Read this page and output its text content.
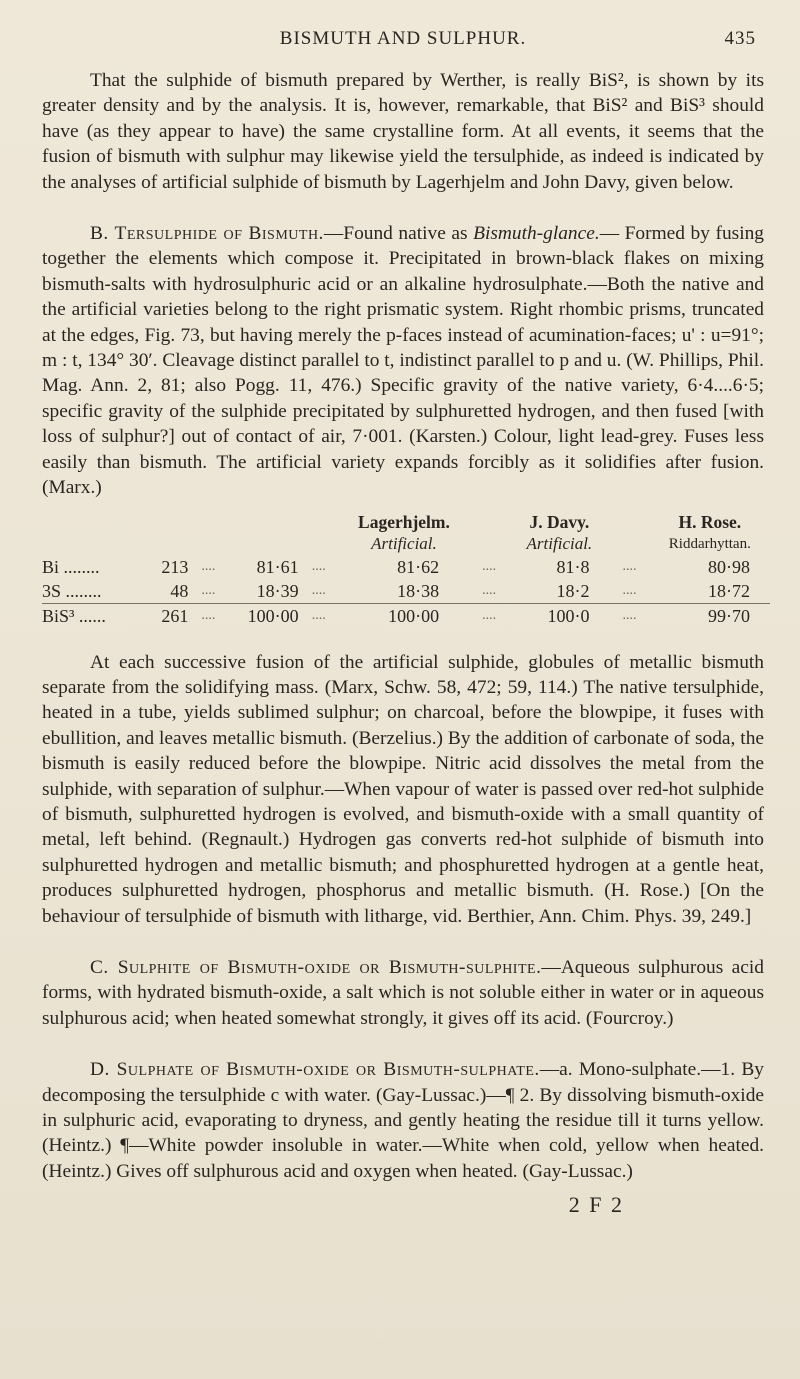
BISMUTH AND SULPHUR.	435

That the sulphide of bismuth prepared by Werther, is really BiS², is shown by its greater density and by the analysis. It is, however, remarkable, that BiS² and BiS³ should have (as they appear to have) the same crystalline form. At all events, it seems that the fusion of bismuth with sulphur may likewise yield the tersulphide, as indeed is indicated by the analyses of artificial sulphide of bismuth by Lagerhjelm and John Davy, given below.

B. Tersulphide of Bismuth.—Found native as Bismuth-glance.— Formed by fusing together the elements which compose it. Precipitated in brown-black flakes on mixing bismuth-salts with hydrosulphuric acid or an alkaline hydrosulphate.—Both the native and the artificial varieties belong to the right prismatic system. Right rhombic prisms, truncated at the edges, Fig. 73, but having merely the p-faces instead of acumination-faces; u' : u=91°; m : t, 134° 30′. Cleavage distinct parallel to t, indistinct parallel to p and u. (W. Phillips, Phil. Mag. Ann. 2, 81; also Pogg. 11, 476.) Specific gravity of the native variety, 6·4....6·5; specific gravity of the sulphide precipitated by sulphuretted hydrogen, and then fused [with loss of sulphur?] out of contact of air, 7·001. (Karsten.) Colour, light lead-grey. Fuses less easily than bismuth. The artificial variety expands forcibly as it solidifies after fusion. (Marx.)

					Lagerhjelm.		J. Davy.		H. Rose.
					Artificial.		Artificial.		Riddarhyttan.
Bi ........	213	....	81·61	....	81·62	....	81·8	....	80·98
3S ........	48	....	18·39	....	18·38	....	18·2	....	18·72
BiS³ ......	261	....	100·00	....	100·00	....	100·0	....	99·70

At each successive fusion of the artificial sulphide, globules of metallic bismuth separate from the solidifying mass. (Marx, Schw. 58, 472; 59, 114.) The native tersulphide, heated in a tube, yields sublimed sulphur; on charcoal, before the blowpipe, it fuses with ebullition, and leaves metallic bismuth. (Berzelius.) By the addition of carbonate of soda, the bismuth is easily reduced before the blowpipe. Nitric acid dissolves the metal from the sulphide, with separation of sulphur.—When vapour of water is passed over red-hot sulphide of bismuth, sulphuretted hydrogen is evolved, and bismuth-oxide with a small quantity of metal, left behind. (Regnault.) Hydrogen gas converts red-hot sulphide of bismuth into sulphuretted hydrogen and metallic bismuth; and phosphuretted hydrogen at a gentle heat, produces sulphuretted hydrogen, phosphorus and metallic bismuth. (H. Rose.) [On the behaviour of tersulphide of bismuth with litharge, vid. Berthier, Ann. Chim. Phys. 39, 249.]

C. Sulphite of Bismuth-oxide or Bismuth-sulphite.—Aqueous sulphurous acid forms, with hydrated bismuth-oxide, a salt which is not soluble either in water or in aqueous sulphurous acid; when heated somewhat strongly, it gives off its acid. (Fourcroy.)

D. Sulphate of Bismuth-oxide or Bismuth-sulphate.—a. Mono-sulphate.—1. By decomposing the tersulphide c with water. (Gay-Lussac.)—¶ 2. By dissolving bismuth-oxide in sulphuric acid, evaporating to dryness, and gently heating the residue till it turns yellow. (Heintz.) ¶—White powder insoluble in water.—White when cold, yellow when heated. (Heintz.) Gives off sulphurous acid and oxygen when heated. (Gay-Lussac.)

2 F 2
